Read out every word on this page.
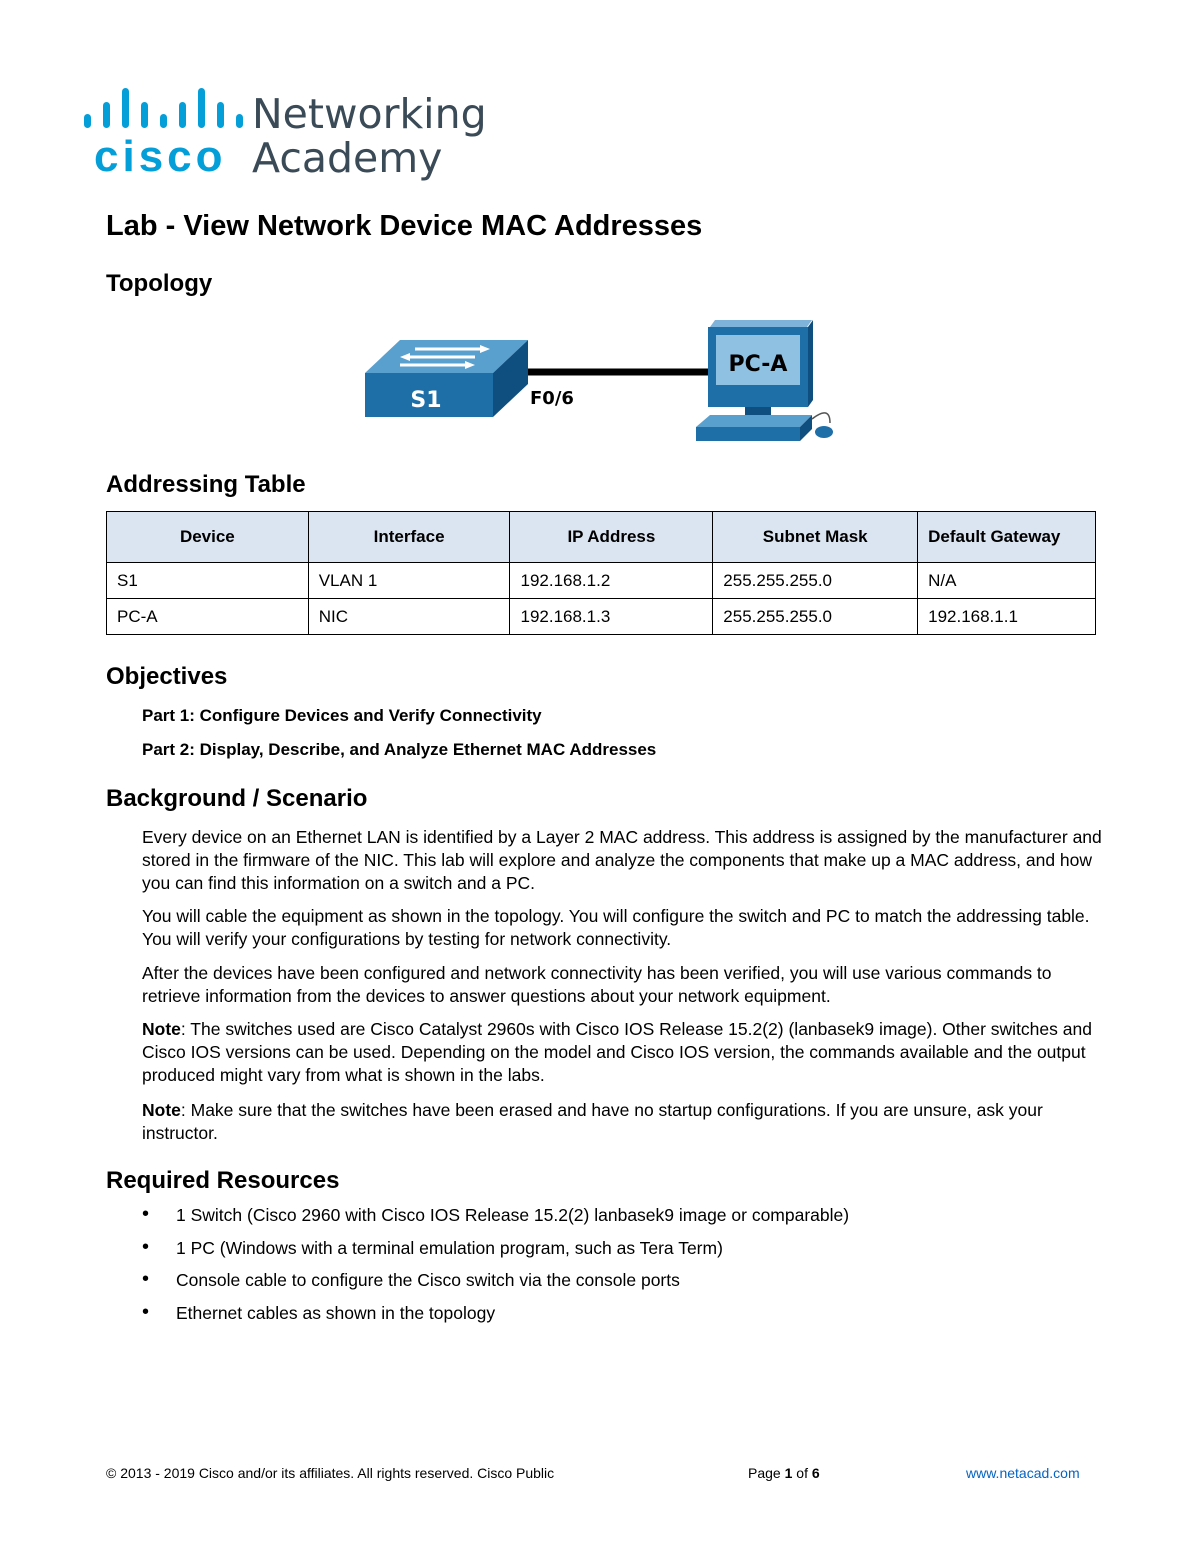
cisco
Networking
Academy
Lab - View Network Device MAC Addresses
Topology
S1	F0/6
PC-A
Addressing Table
Device	Interface	IP Address	Subnet Mask	Default Gateway
S1	VLAN 1	192.168.1.2	255.255.255.0	N/A
PC-A	NIC	192.168.1.3	255.255.255.0	192.168.1.1
Objectives
Part 1: Configure Devices and Verify Connectivity
Part 2: Display, Describe, and Analyze Ethernet MAC Addresses
Background / Scenario

Every device on an Ethernet LAN is identified by a Layer 2 MAC address. This address is assigned by the manufacturer and stored in the firmware of the NIC. This lab will explore and analyze the components that make up a MAC address, and how you can find this information on a switch and a PC.

You will cable the equipment as shown in the topology. You will configure the switch and PC to match the addressing table. You will verify your configurations by testing for network connectivity.

After the devices have been configured and network connectivity has been verified, you will use various commands to retrieve information from the devices to answer questions about your network equipment.

Note: The switches used are Cisco Catalyst 2960s with Cisco IOS Release 15.2(2) (lanbasek9 image). Other switches and Cisco IOS versions can be used. Depending on the model and Cisco IOS version, the commands available and the output produced might vary from what is shown in the labs.

Note: Make sure that the switches have been erased and have no startup configurations. If you are unsure, ask your instructor.

Required Resources
• 1 Switch (Cisco 2960 with Cisco IOS Release 15.2(2) lanbasek9 image or comparable)
• 1 PC (Windows with a terminal emulation program, such as Tera Term)
• Console cable to configure the Cisco switch via the console ports
• Ethernet cables as shown in the topology
© 2013 - 2019 Cisco and/or its affiliates. All rights reserved. Cisco Public	Page 1 of 6	www.netacad.com
